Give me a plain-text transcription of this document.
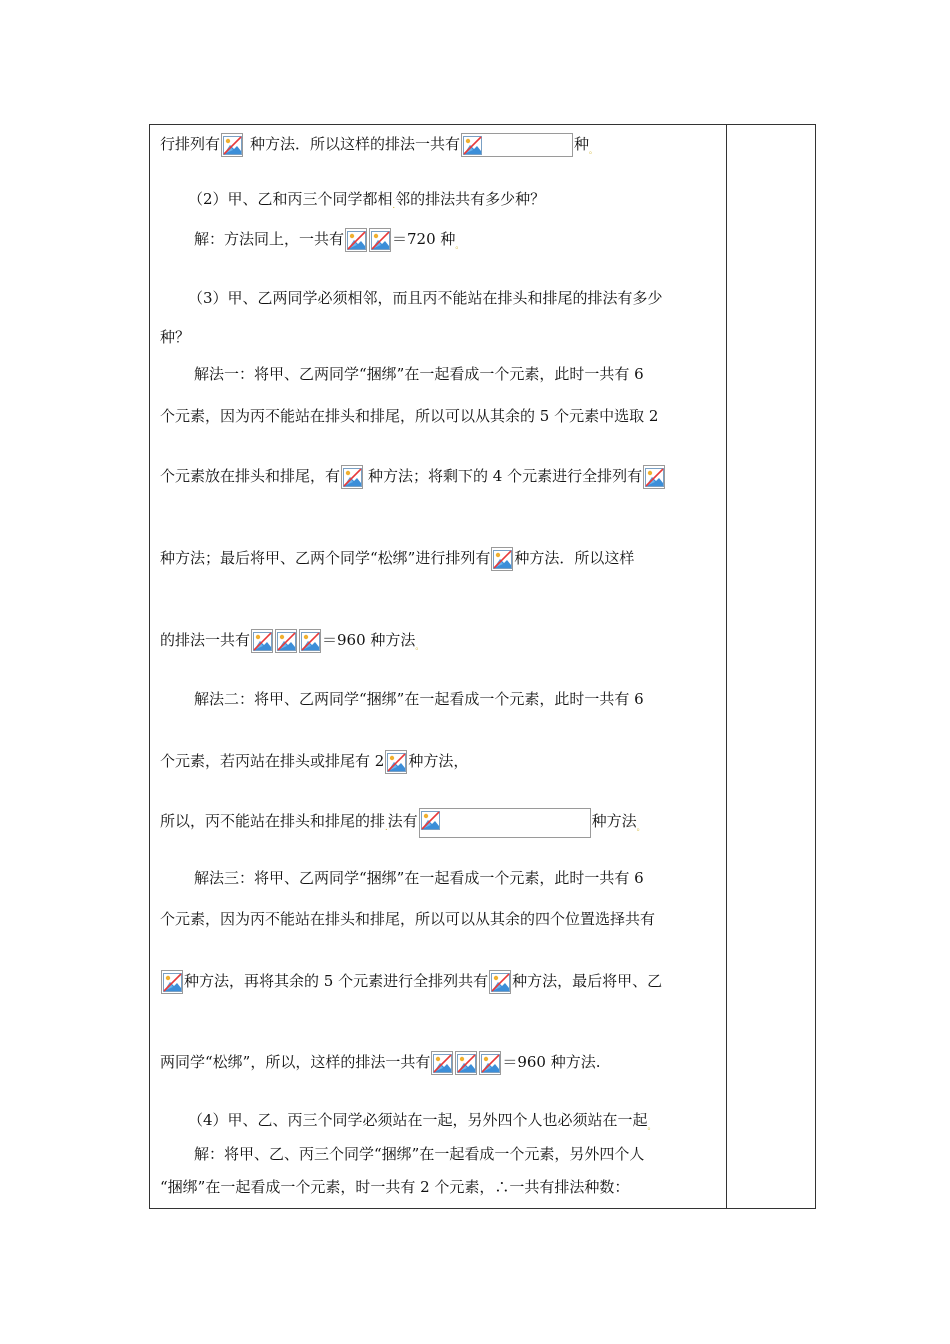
行排列有 种方法．所以这样的排法一共有	种$_。$
（2）甲、乙和丙三个同学都相$_.$邻的排法共有多少种？
解：方法同上，一共有	＝720 种$_。$
（3）甲、乙两同学必须相邻，而且丙不能站在排头和排尾的排法有多少
种？
解法一：将甲、乙两同学“捆绑”在一起看成一个元素，此时一共有 6
个元素，因为丙不能站在排头和排尾，所以可以从其余的 5 个元素中选取 2
个元素放在排头和排尾，有 种方法；将剩下的 4 个元素进行全排列有
种方法；最后将甲、乙两个同学“松绑”进行排列有 种方法．所以这样
的排法一共有	＝960 种方法$_。$
解法二：将甲、乙两同学“捆绑”在一起看成一个元素，此时一共有 6
个元素，若丙站在排头或排尾有 2 种方法，
所以，丙不能站在排头和排尾的排$_.$法有	种方法$_。$
解法三：将甲、乙两同学“捆绑”在一起看成一个元素，此时一共有 6
个元素，因为丙不能站在排头和排尾，所以可以从其余的四个位置选择共有
种方法，再将其余的 5 个元素进行全排列共有 种方法，最后将甲、乙
两同学“松绑”，所以，这样的排法一共有	＝960 种方法.
（4）甲、乙、丙三个同学必须站在一起，另外四个人也必须站在一起$_。$
解：将甲、乙、丙三个同学“捆绑”在一起看成一个元素，另外四个人
“捆绑”在一起看成一个元素，时一共有 2 个元素，∴一共有排法种数：
